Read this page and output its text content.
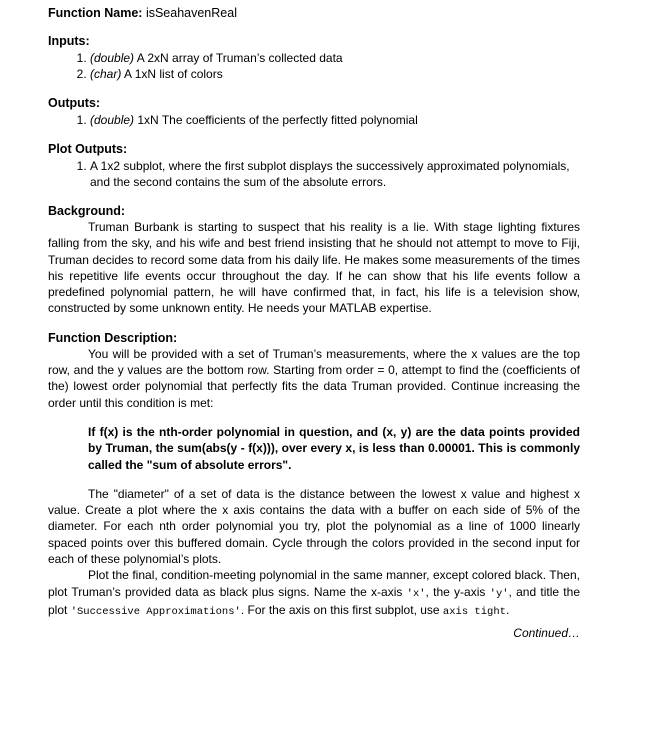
Function Name: isSeahavenReal
Inputs:
1. (double) A 2xN array of Truman’s collected data
2. (char) A 1xN list of colors
Outputs:
1. (double) 1xN The coefficients of the perfectly fitted polynomial
Plot Outputs:
1. A 1x2 subplot, where the first subplot displays the successively approximated polynomials, and the second contains the sum of the absolute errors.
Background:

Truman Burbank is starting to suspect that his reality is a lie. With stage lighting fixtures falling from the sky, and his wife and best friend insisting that he should not attempt to move to Fiji, Truman decides to record some data from his daily life. He makes some measurements of the times his repetitive life events occur throughout the day. If he can show that his life events follow a predefined polynomial pattern, he will have confirmed that, in fact, his life is a television show, constructed by some unknown entity. He needs your MATLAB expertise.

Function Description:

You will be provided with a set of Truman’s measurements, where the x values are the top row, and the y values are the bottom row. Starting from order = 0, attempt to find the (coefficients of the) lowest order polynomial that perfectly fits the data Truman provided. Continue increasing the order until this condition is met:

If f(x) is the nth-order polynomial in question, and (x, y) are the data points provided by Truman, the sum(abs(y - f(x))), over every x, is less than 0.00001. This is commonly called the "sum of absolute errors".

The "diameter" of a set of data is the distance between the lowest x value and highest x value. Create a plot where the x axis contains the data with a buffer on each side of 5% of the diameter. For each nth order polynomial you try, plot the polynomial as a line of 1000 linearly spaced points over this buffered domain. Cycle through the colors provided in the second input for each of these polynomial’s plots.

Plot the final, condition-meeting polynomial in the same manner, except colored black. Then, plot Truman’s provided data as black plus signs. Name the x-axis 'x', the y-axis 'y', and title the plot 'Successive Approximations'. For the axis on this first subplot, use axis tight.

Continued…
